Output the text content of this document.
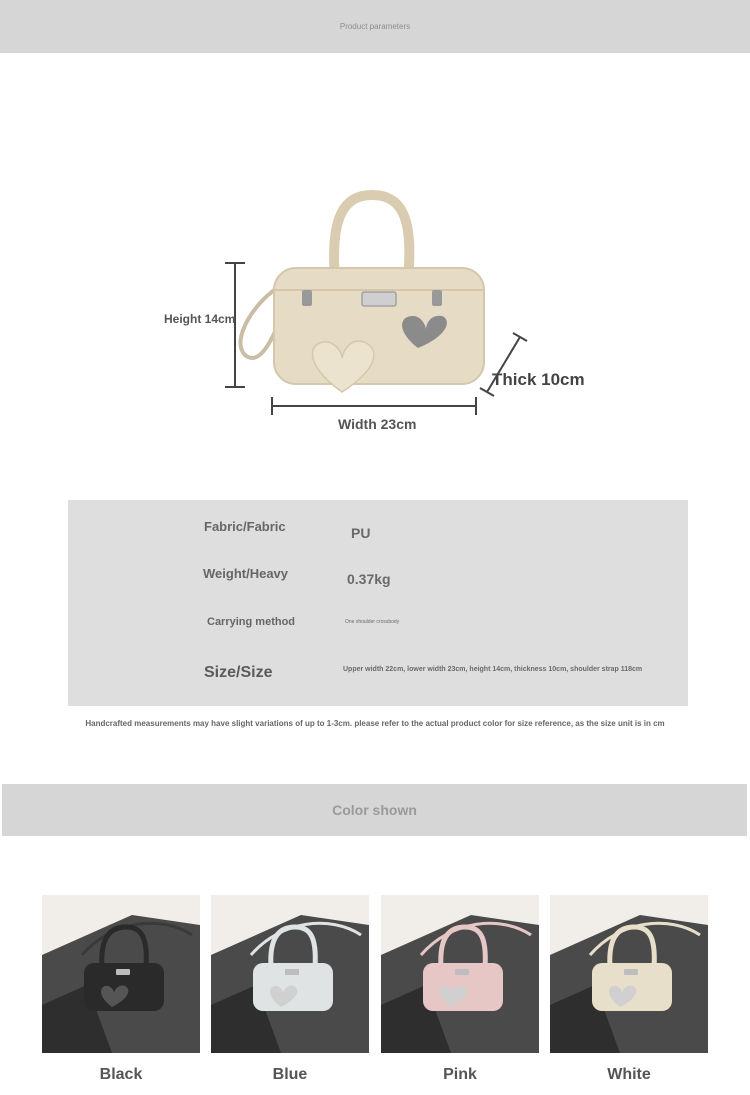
Product parameters
Height 14cm
Width 23cm
Thick 10cm
Fabric/Fabric	PU
Weight/Heavy	0.37kg
Carrying method	One shoulder crossbody
Size/Size	Upper width 22cm, lower width 23cm, height 14cm, thickness 10cm, shoulder strap 118cm
Handcrafted measurements may have slight variations of up to 1-3cm. please refer to the actual product color for size reference, as the size unit is in cm
Color shown
Black	Blue	Pink	White
